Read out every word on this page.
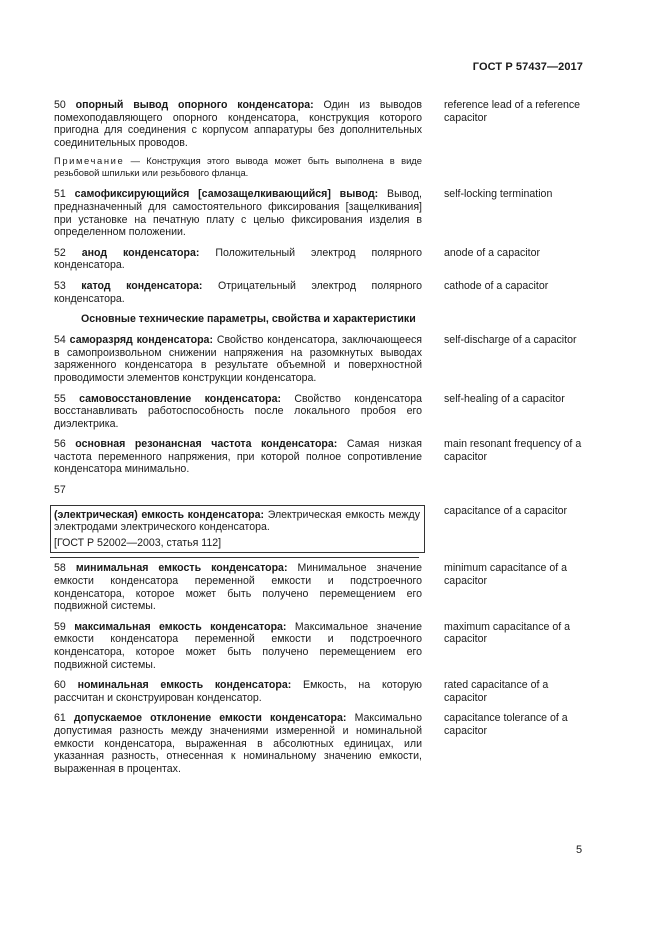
ГОСТ Р 57437—2017
50 опорный вывод опорного конденсатора: Один из выводов помехоподавляющего опорного конденсатора, конструкция которого пригодна для соединения с корпусом аппаратуры без дополнительных соединительных проводов.
reference lead of a reference capacitor
Примечание — Конструкция этого вывода может быть выполнена в виде резьбовой шпильки или резьбового фланца.
51 самофиксирующийся [самозащелкивающийся] вывод: Вывод, предназначенный для самостоятельного фиксирования [защелкивания] при установке на печатную плату с целью фиксирования изделия в определенном положении.
self-locking termination
52 анод конденсатора: Положительный электрод полярного конденсатора.
anode of a capacitor
53 катод конденсатора: Отрицательный электрод полярного конденсатора.
cathode of a capacitor
Основные технические параметры, свойства и характеристики
54 саморазряд конденсатора: Свойство конденсатора, заключающееся в самопроизвольном снижении напряжения на разомкнутых выводах заряженного конденсатора в результате объемной и поверхностной проводимости элементов конструкции конденсатора.
self-discharge of a capacitor
55 самовосстановление конденсатора: Свойство конденсатора восстанавливать работоспособность после локального пробоя его диэлектрика.
self-healing of a capacitor
56 основная резонансная частота конденсатора: Самая низкая частота переменного напряжения, при которой полное сопротивление конденсатора минимально.
main resonant frequency of a capacitor
57
(электрическая) емкость конденсатора: Электрическая емкость между электродами электрического конденсатора.
[ГОСТ Р 52002—2003, статья 112]
capacitance of a capacitor
58 минимальная емкость конденсатора: Минимальное значение емкости конденсатора переменной емкости и подстроечного конденсатора, которое может быть получено перемещением его подвижной системы.
minimum capacitance of a capacitor
59 максимальная емкость конденсатора: Максимальное значение емкости конденсатора переменной емкости и подстроечного конденсатора, которое может быть получено перемещением его подвижной системы.
maximum capacitance of a capacitor
60 номинальная емкость конденсатора: Емкость, на которую рассчитан и сконструирован конденсатор.
rated capacitance of a capacitor
61 допускаемое отклонение емкости конденсатора: Максимально допустимая разность между значениями измеренной и номинальной емкости конденсатора, выраженная в абсолютных единицах, или указанная разность, отнесенная к номинальному значению емкости, выраженная в процентах.
capacitance tolerance of a capacitor
5
